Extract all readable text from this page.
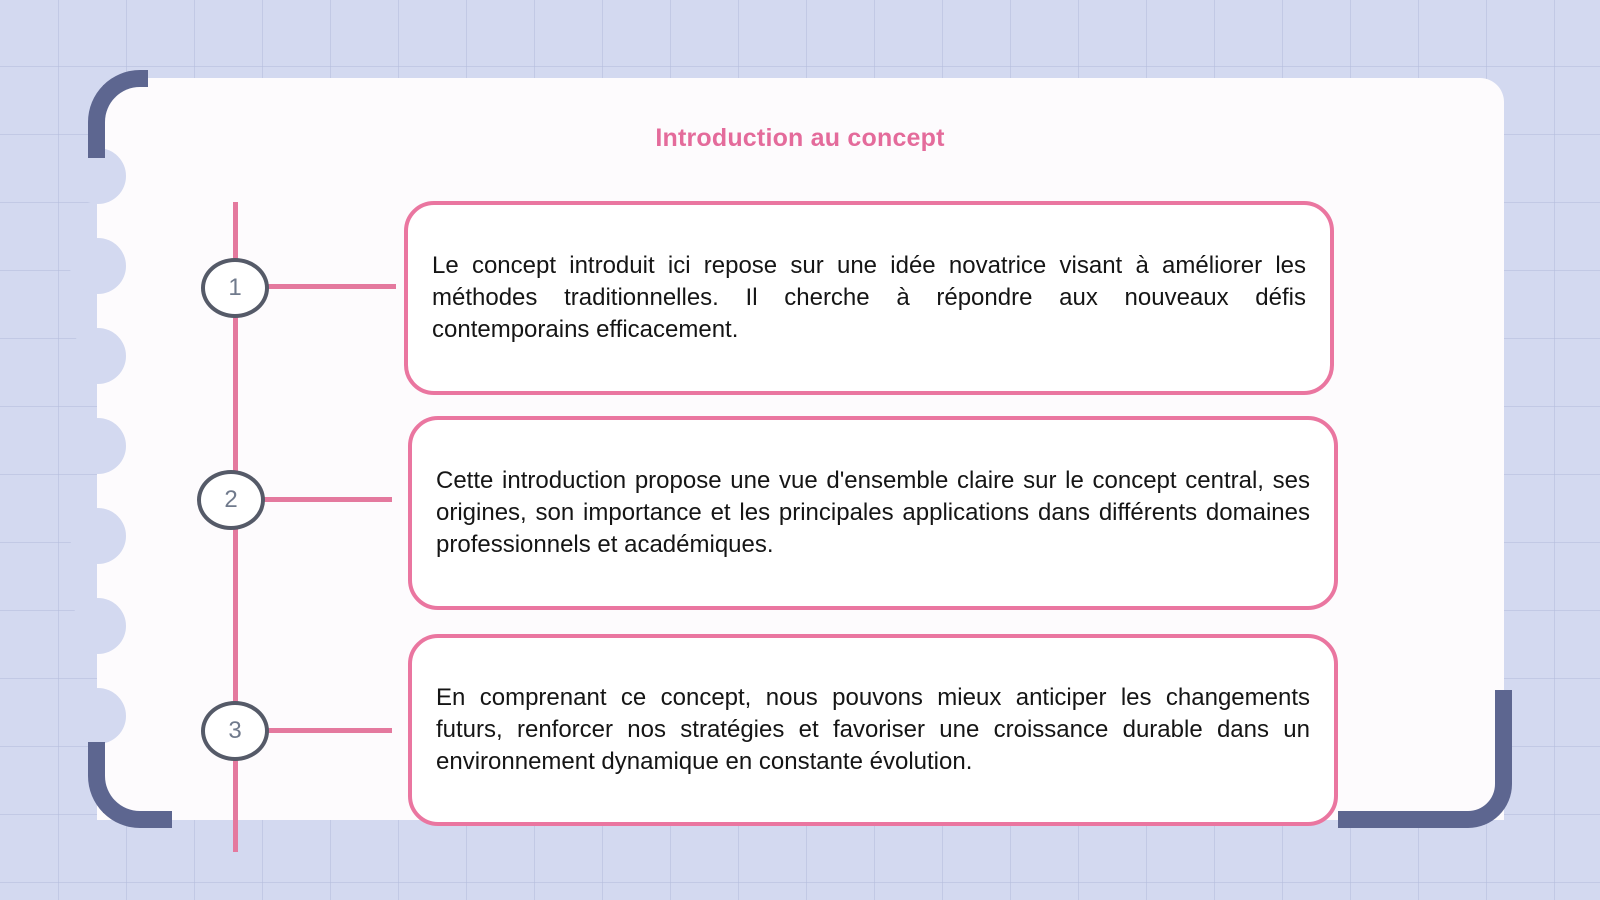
Introduction au concept
1

Le concept introduit ici repose sur une idée novatrice visant à améliorer les méthodes traditionnelles. Il cherche à répondre aux nouveaux défis contemporains efficacement.

2

Cette introduction propose une vue d'ensemble claire sur le concept central, ses origines, son importance et les principales applications dans différents domaines professionnels et académiques.

3

En comprenant ce concept, nous pouvons mieux anticiper les changements futurs, renforcer nos stratégies et favoriser une croissance durable dans un environnement dynamique en constante évolution.
